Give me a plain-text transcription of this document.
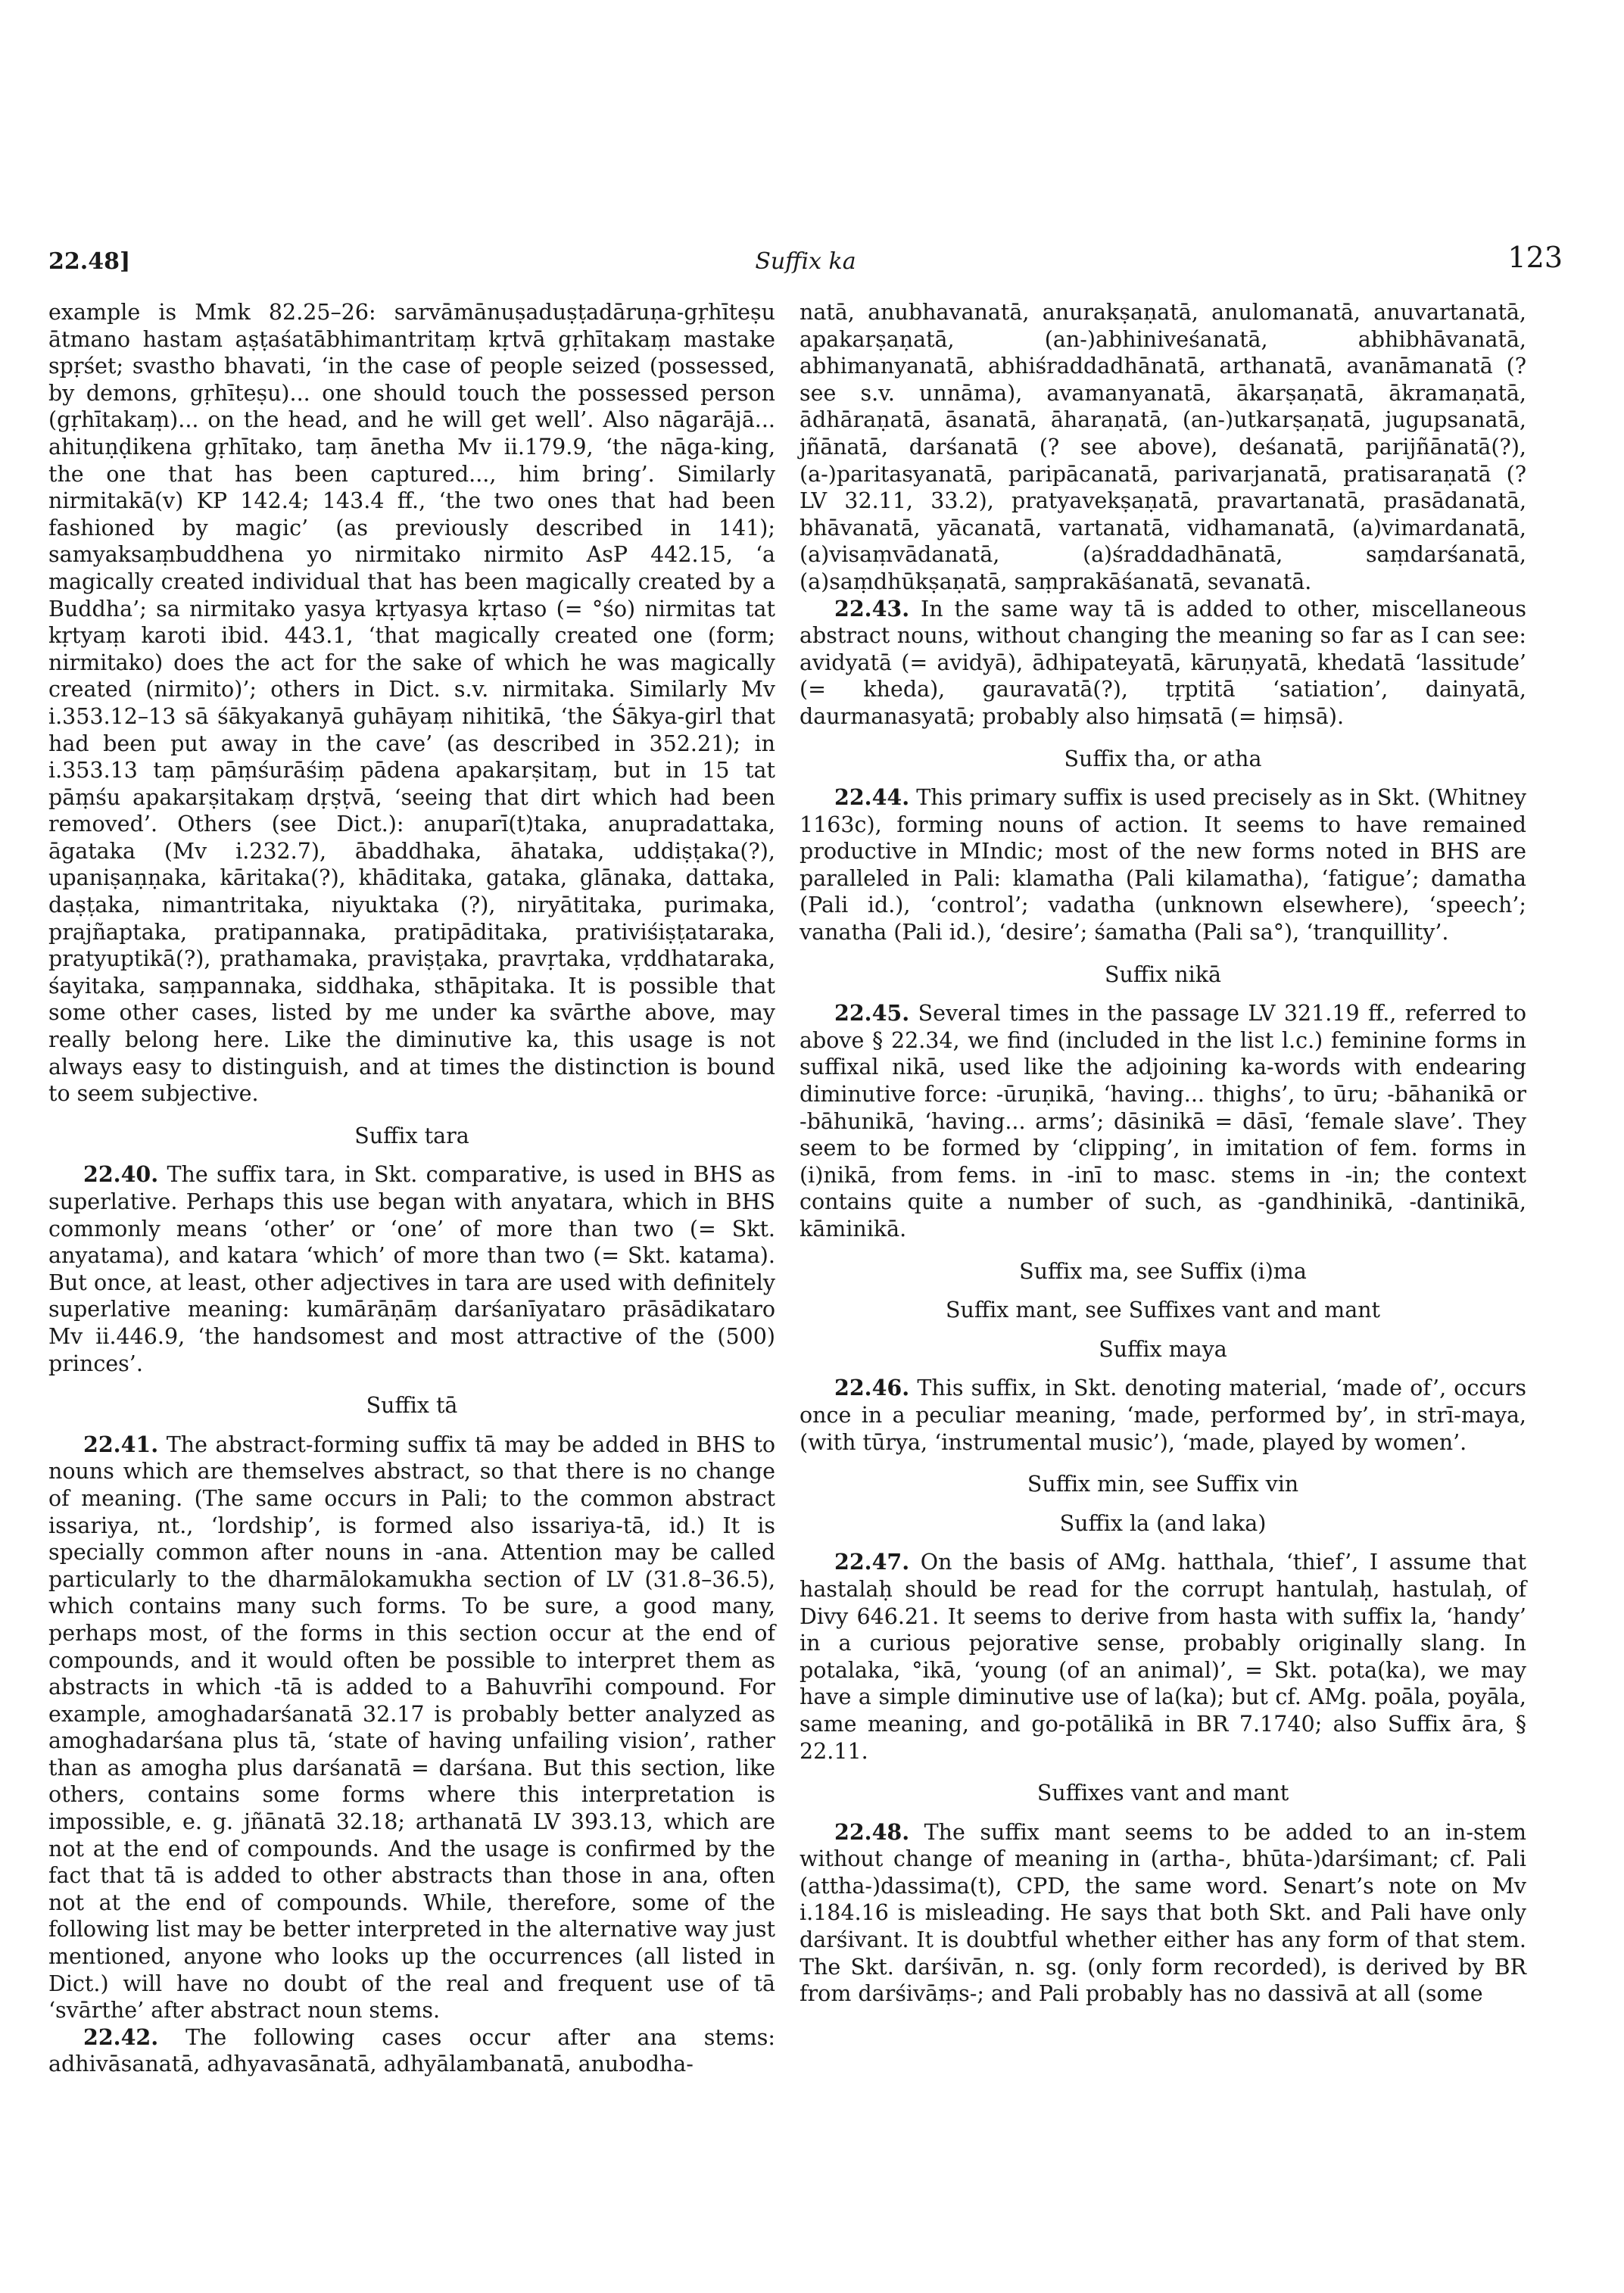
22.48]	Suffix ka	123

example is Mmk 82.25–26: sarvāmānuṣaduṣṭadāruṇa-gṛhīteṣu ātmano hastam aṣṭaśatābhimantritaṃ kṛtvā gṛhītakaṃ mastake spṛśet; svastho bhavati, ‘in the case of people seized (possessed, by demons, gṛhīteṣu)... one should touch the possessed person (gṛhītakaṃ)... on the head, and he will get well’. Also nāgarājā... ahituṇḍikena gṛhītako, taṃ ānetha Mv ii.179.9, ‘the nāga-king, the one that has been captured..., him bring’. Similarly nirmitakā(v) KP 142.4; 143.4 ff., ‘the two ones that had been fashioned by magic’ (as previously described in 141); samyaksaṃbuddhena yo nirmitako nirmito AsP 442.15, ‘a magically created individual that has been magically created by a Buddha’; sa nirmitako yasya kṛtyasya kṛtaso (= °śo) nirmitas tat kṛtyaṃ karoti ibid. 443.1, ‘that magically created one (form; nirmitako) does the act for the sake of which he was magically created (nirmito)’; others in Dict. s.v. nirmitaka. Similarly Mv i.353.12–13 sā śākyakanyā guhāyaṃ nihitikā, ‘the Śākya-girl that had been put away in the cave’ (as described in 352.21); in i.353.13 taṃ pāṃśurāśiṃ pādena apakarṣitaṃ, but in 15 tat pāṃśu apakarṣitakaṃ dṛṣṭvā, ‘seeing that dirt which had been removed’. Others (see Dict.): anuparī(t)taka, anupradattaka, āgataka (Mv i.232.7), ābaddhaka, āhataka, uddiṣṭaka(?), upaniṣaṇṇaka, kāritaka(?), khāditaka, gataka, glānaka, dattaka, daṣṭaka, nimantritaka, niyuktaka (?), niryātitaka, purimaka, prajñaptaka, pratipannaka, pratipāditaka, prativiśiṣṭataraka, pratyuptikā(?), prathamaka, praviṣṭaka, pravṛtaka, vṛddhataraka, śayitaka, saṃpannaka, siddhaka, sthāpitaka. It is possible that some other cases, listed by me under ka svārthe above, may really belong here. Like the diminutive ka, this usage is not always easy to distinguish, and at times the distinction is bound to seem subjective.

Suffix tara

22.40. The suffix tara, in Skt. comparative, is used in BHS as superlative. Perhaps this use began with anyatara, which in BHS commonly means ‘other’ or ‘one’ of more than two (= Skt. anyatama), and katara ‘which’ of more than two (= Skt. katama). But once, at least, other adjectives in tara are used with definitely superlative meaning: kumārāṇāṃ darśanīyataro prāsādikataro Mv ii.446.9, ‘the handsomest and most attractive of the (500) princes’.

Suffix tā

22.41. The abstract-forming suffix tā may be added in BHS to nouns which are themselves abstract, so that there is no change of meaning. (The same occurs in Pali; to the common abstract issariya, nt., ‘lordship’, is formed also issariya-tā, id.) It is specially common after nouns in -ana. Attention may be called particularly to the dharmālokamukha section of LV (31.8–36.5), which contains many such forms. To be sure, a good many, perhaps most, of the forms in this section occur at the end of compounds, and it would often be possible to interpret them as abstracts in which -tā is added to a Bahuvrīhi compound. For example, amoghadarśanatā 32.17 is probably better analyzed as amoghadarśana plus tā, ‘state of having unfailing vision’, rather than as amogha plus darśanatā = darśana. But this section, like others, contains some forms where this interpretation is impossible, e. g. jñānatā 32.18; arthanatā LV 393.13, which are not at the end of compounds. And the usage is confirmed by the fact that tā is added to other abstracts than those in ana, often not at the end of compounds. While, therefore, some of the following list may be better interpreted in the alternative way just mentioned, anyone who looks up the occurrences (all listed in Dict.) will have no doubt of the real and frequent use of tā ‘svārthe’ after abstract noun stems.

22.42. The following cases occur after ana stems: adhivāsanatā, adhyavasānatā, adhyālambanatā, anubodha-

natā, anubhavanatā, anurakṣaṇatā, anulomanatā, anuvartanatā, apakarṣaṇatā, (an-)abhiniveśanatā, abhibhāvanatā, abhimanyanatā, abhiśraddadhānatā, arthanatā, avanāmanatā (? see s.v. unnāma), avamanyanatā, ākarṣaṇatā, ākramaṇatā, ādhāraṇatā, āsanatā, āharaṇatā, (an-)utkarṣaṇatā, jugupsanatā, jñānatā, darśanatā (? see above), deśanatā, parijñānatā(?), (a-)paritasyanatā, paripācanatā, parivarjanatā, pratisaraṇatā (? LV 32.11, 33.2), pratyavekṣaṇatā, pravartanatā, prasādanatā, bhāvanatā, yācanatā, vartanatā, vidhamanatā, (a)vimardanatā, (a)visaṃvādanatā, (a)śraddadhānatā, saṃdarśanatā, (a)saṃdhūkṣaṇatā, saṃprakāśanatā, sevanatā.

22.43. In the same way tā is added to other, miscellaneous abstract nouns, without changing the meaning so far as I can see: avidyatā (= avidyā), ādhipateyatā, kāruṇyatā, khedatā ‘lassitude’ (= kheda), gauravatā(?), tṛptitā ‘satiation’, dainyatā, daurmanasyatā; probably also hiṃsatā (= hiṃsā).

Suffix tha, or atha

22.44. This primary suffix is used precisely as in Skt. (Whitney 1163c), forming nouns of action. It seems to have remained productive in MIndic; most of the new forms noted in BHS are paralleled in Pali: klamatha (Pali kilamatha), ‘fatigue’; damatha (Pali id.), ‘control’; vadatha (unknown elsewhere), ‘speech’; vanatha (Pali id.), ‘desire’; śamatha (Pali sa°), ‘tranquillity’.

Suffix nikā

22.45. Several times in the passage LV 321.19 ff., referred to above § 22.34, we find (included in the list l.c.) feminine forms in suffixal nikā, used like the adjoining ka-words with endearing diminutive force: -ūruṇikā, ‘having... thighs’, to ūru; -bāhanikā or -bāhunikā, ‘having... arms’; dāsinikā = dāsī, ‘female slave’. They seem to be formed by ‘clipping’, in imitation of fem. forms in (i)nikā, from fems. in -inī to masc. stems in -in; the context contains quite a number of such, as -gandhinikā, -dantinikā, kāminikā.

Suffix ma, see Suffix (i)ma
Suffix mant, see Suffixes vant and mant
Suffix maya

22.46. This suffix, in Skt. denoting material, ‘made of’, occurs once in a peculiar meaning, ‘made, performed by’, in strī-maya, (with tūrya, ‘instrumental music’), ‘made, played by women’.

Suffix min, see Suffix vin
Suffix la (and laka)

22.47. On the basis of AMg. hatthala, ‘thief’, I assume that hastalaḥ should be read for the corrupt hantulaḥ, hastulaḥ, of Divy 646.21. It seems to derive from hasta with suffix la, ‘handy’ in a curious pejorative sense, probably originally slang. In potalaka, °ikā, ‘young (of an animal)’, = Skt. pota(ka), we may have a simple diminutive use of la(ka); but cf. AMg. poāla, poyāla, same meaning, and go-potālikā in BR 7.1740; also Suffix āra, § 22.11.

Suffixes vant and mant

22.48. The suffix mant seems to be added to an in-stem without change of meaning in (artha-, bhūta-)darśimant; cf. Pali (attha-)dassima(t), CPD, the same word. Senart’s note on Mv i.184.16 is misleading. He says that both Skt. and Pali have only darśivant. It is doubtful whether either has any form of that stem. The Skt. darśivān, n. sg. (only form recorded), is derived by BR from darśivāṃs-; and Pali probably has no dassivā at all (some
